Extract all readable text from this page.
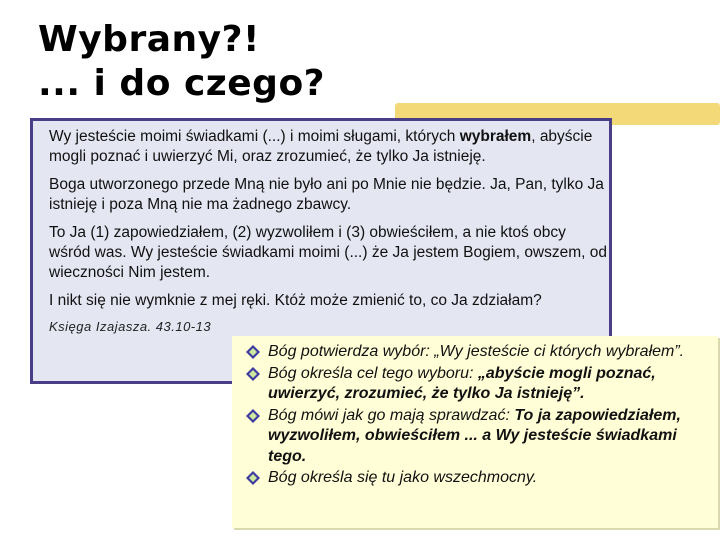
Wybrany?!
... i do czego?

Wy jesteście moimi świadkami (...) i moimi sługami, których wybrałem, abyście mogli poznać i uwierzyć Mi, oraz zrozumieć, że tylko Ja istnieję.

Boga utworzonego przede Mną nie było ani po Mnie nie będzie. Ja, Pan, tylko Ja istnieję i poza Mną nie ma żadnego zbawcy.

To Ja (1) zapowiedziałem, (2) wyzwoliłem i (3) obwieściłem, a nie ktoś obcy wśród was. Wy jesteście świadkami moimi (...) że Ja jestem Bogiem, owszem, od wieczności Nim jestem.

I nikt się nie wymknie z mej ręki. Któż może zmienić to, co Ja zdziałam?

Księga Izajasza. 43.10-13

Bóg potwierdza wybór: „Wy jesteście ci których wybrałem”.
Bóg określa cel tego wyboru: „abyście mogli poznać, uwierzyć, zrozumieć, że tylko Ja istnieję”.
Bóg mówi jak go mają sprawdzać: To ja zapowiedziałem, wyzwoliłem, obwieściłem ... a Wy jesteście świadkami tego.
Bóg określa się tu jako wszechmocny.
